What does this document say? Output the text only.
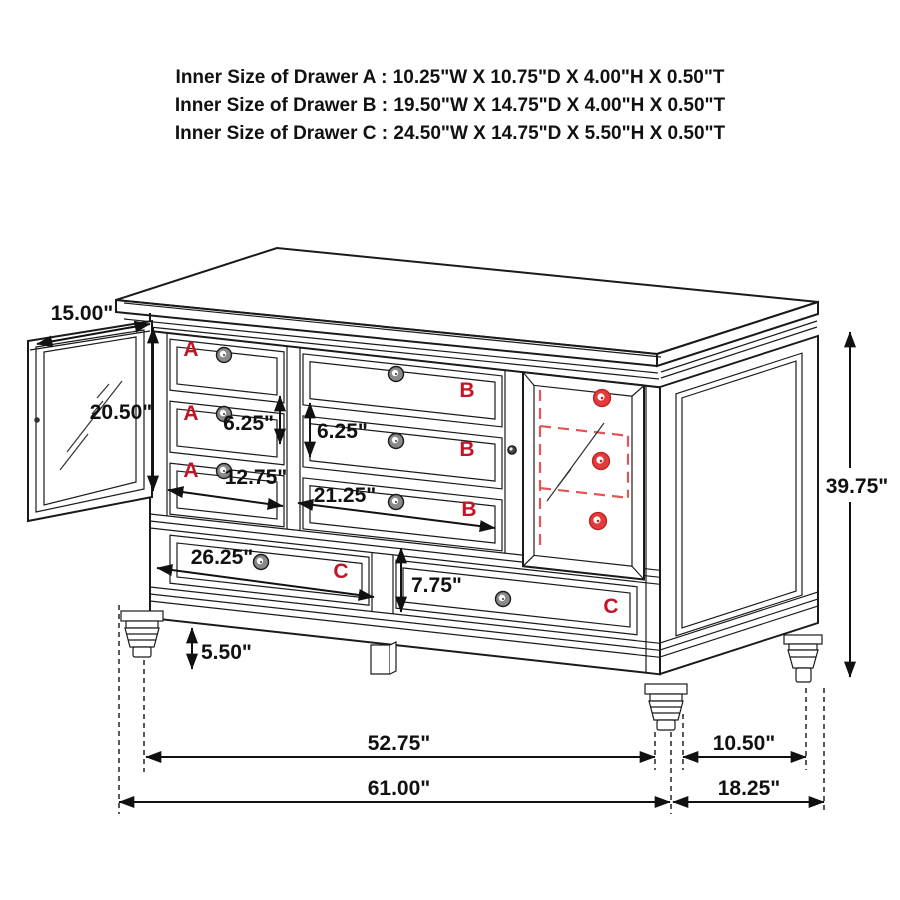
Inner Size of Drawer A : 10.25"W X 10.75"D X 4.00"H X 0.50"T
Inner Size of Drawer B : 19.50"W X 14.75"D X 4.00"H X 0.50"T
Inner Size of Drawer C : 24.50"W X 14.75"D X 5.50"H X 0.50"T
15.00"
20.50"	6.25" 6.25"
12.75"
21.25"
26.25"
7.75"
5.50"
39.75"
52.75"
61.00"
10.50"
18.25"
A
A
A
B
B
B
C
C
